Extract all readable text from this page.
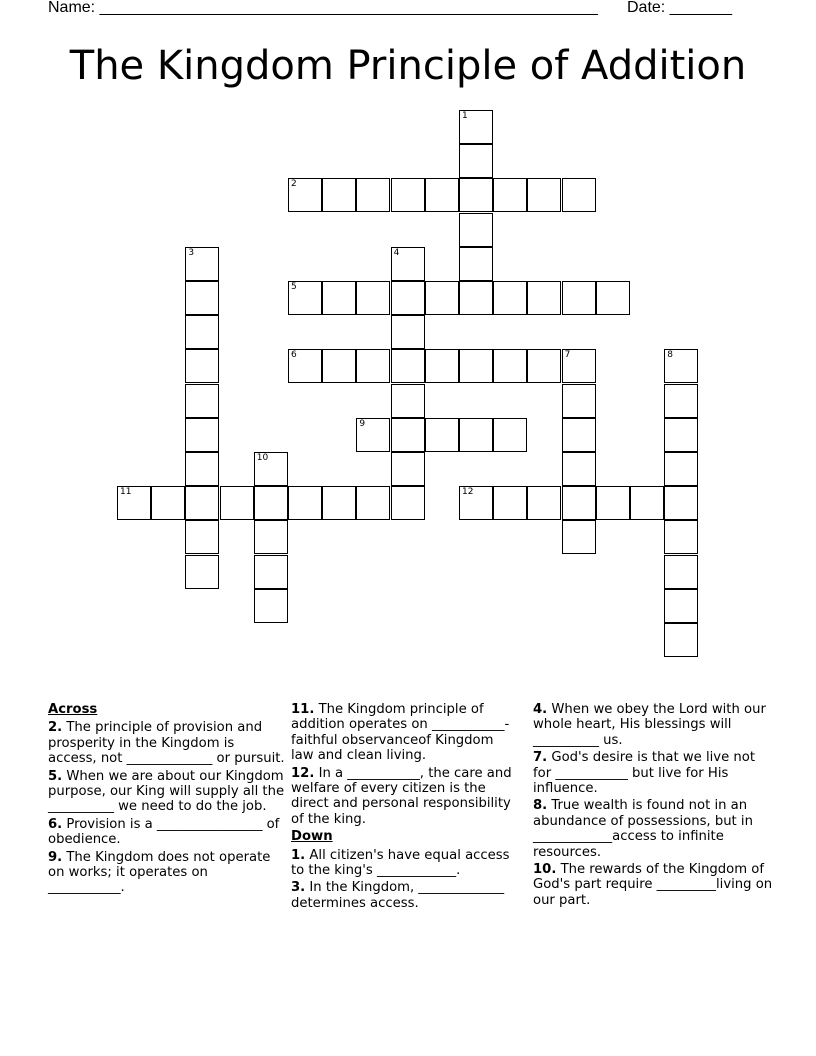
Name: ________________________________________________________ Date: _______
The Kingdom Principle of Addition
1
2
3	4
5
6	7	8
9
10
11	12

Across

2. The principle of provision and prosperity in the Kingdom is access, not _____________ or pursuit.

5. When we are about our Kingdom purpose, our King will supply all the __________ we need to do the job.

6. Provision is a ________________ of obedience.

9. The Kingdom does not operate on works; it operates on ___________.

11. The Kingdom principle of addition operates on ___________-faithful observanceof Kingdom law and clean living.

12. In a ___________, the care and welfare of every citizen is the direct and personal responsibility of the king.

Down

1. All citizen's have equal access to the king's ____________.

3. In the Kingdom, _____________ determines access.

4. When we obey the Lord with our whole heart, His blessings will __________ us.

7. God's desire is that we live not for ___________ but live for His influence.

8. True wealth is found not in an abundance of possessions, but in ____________access to infinite resources.

10. The rewards of the Kingdom of God's part require _________living on our part.
